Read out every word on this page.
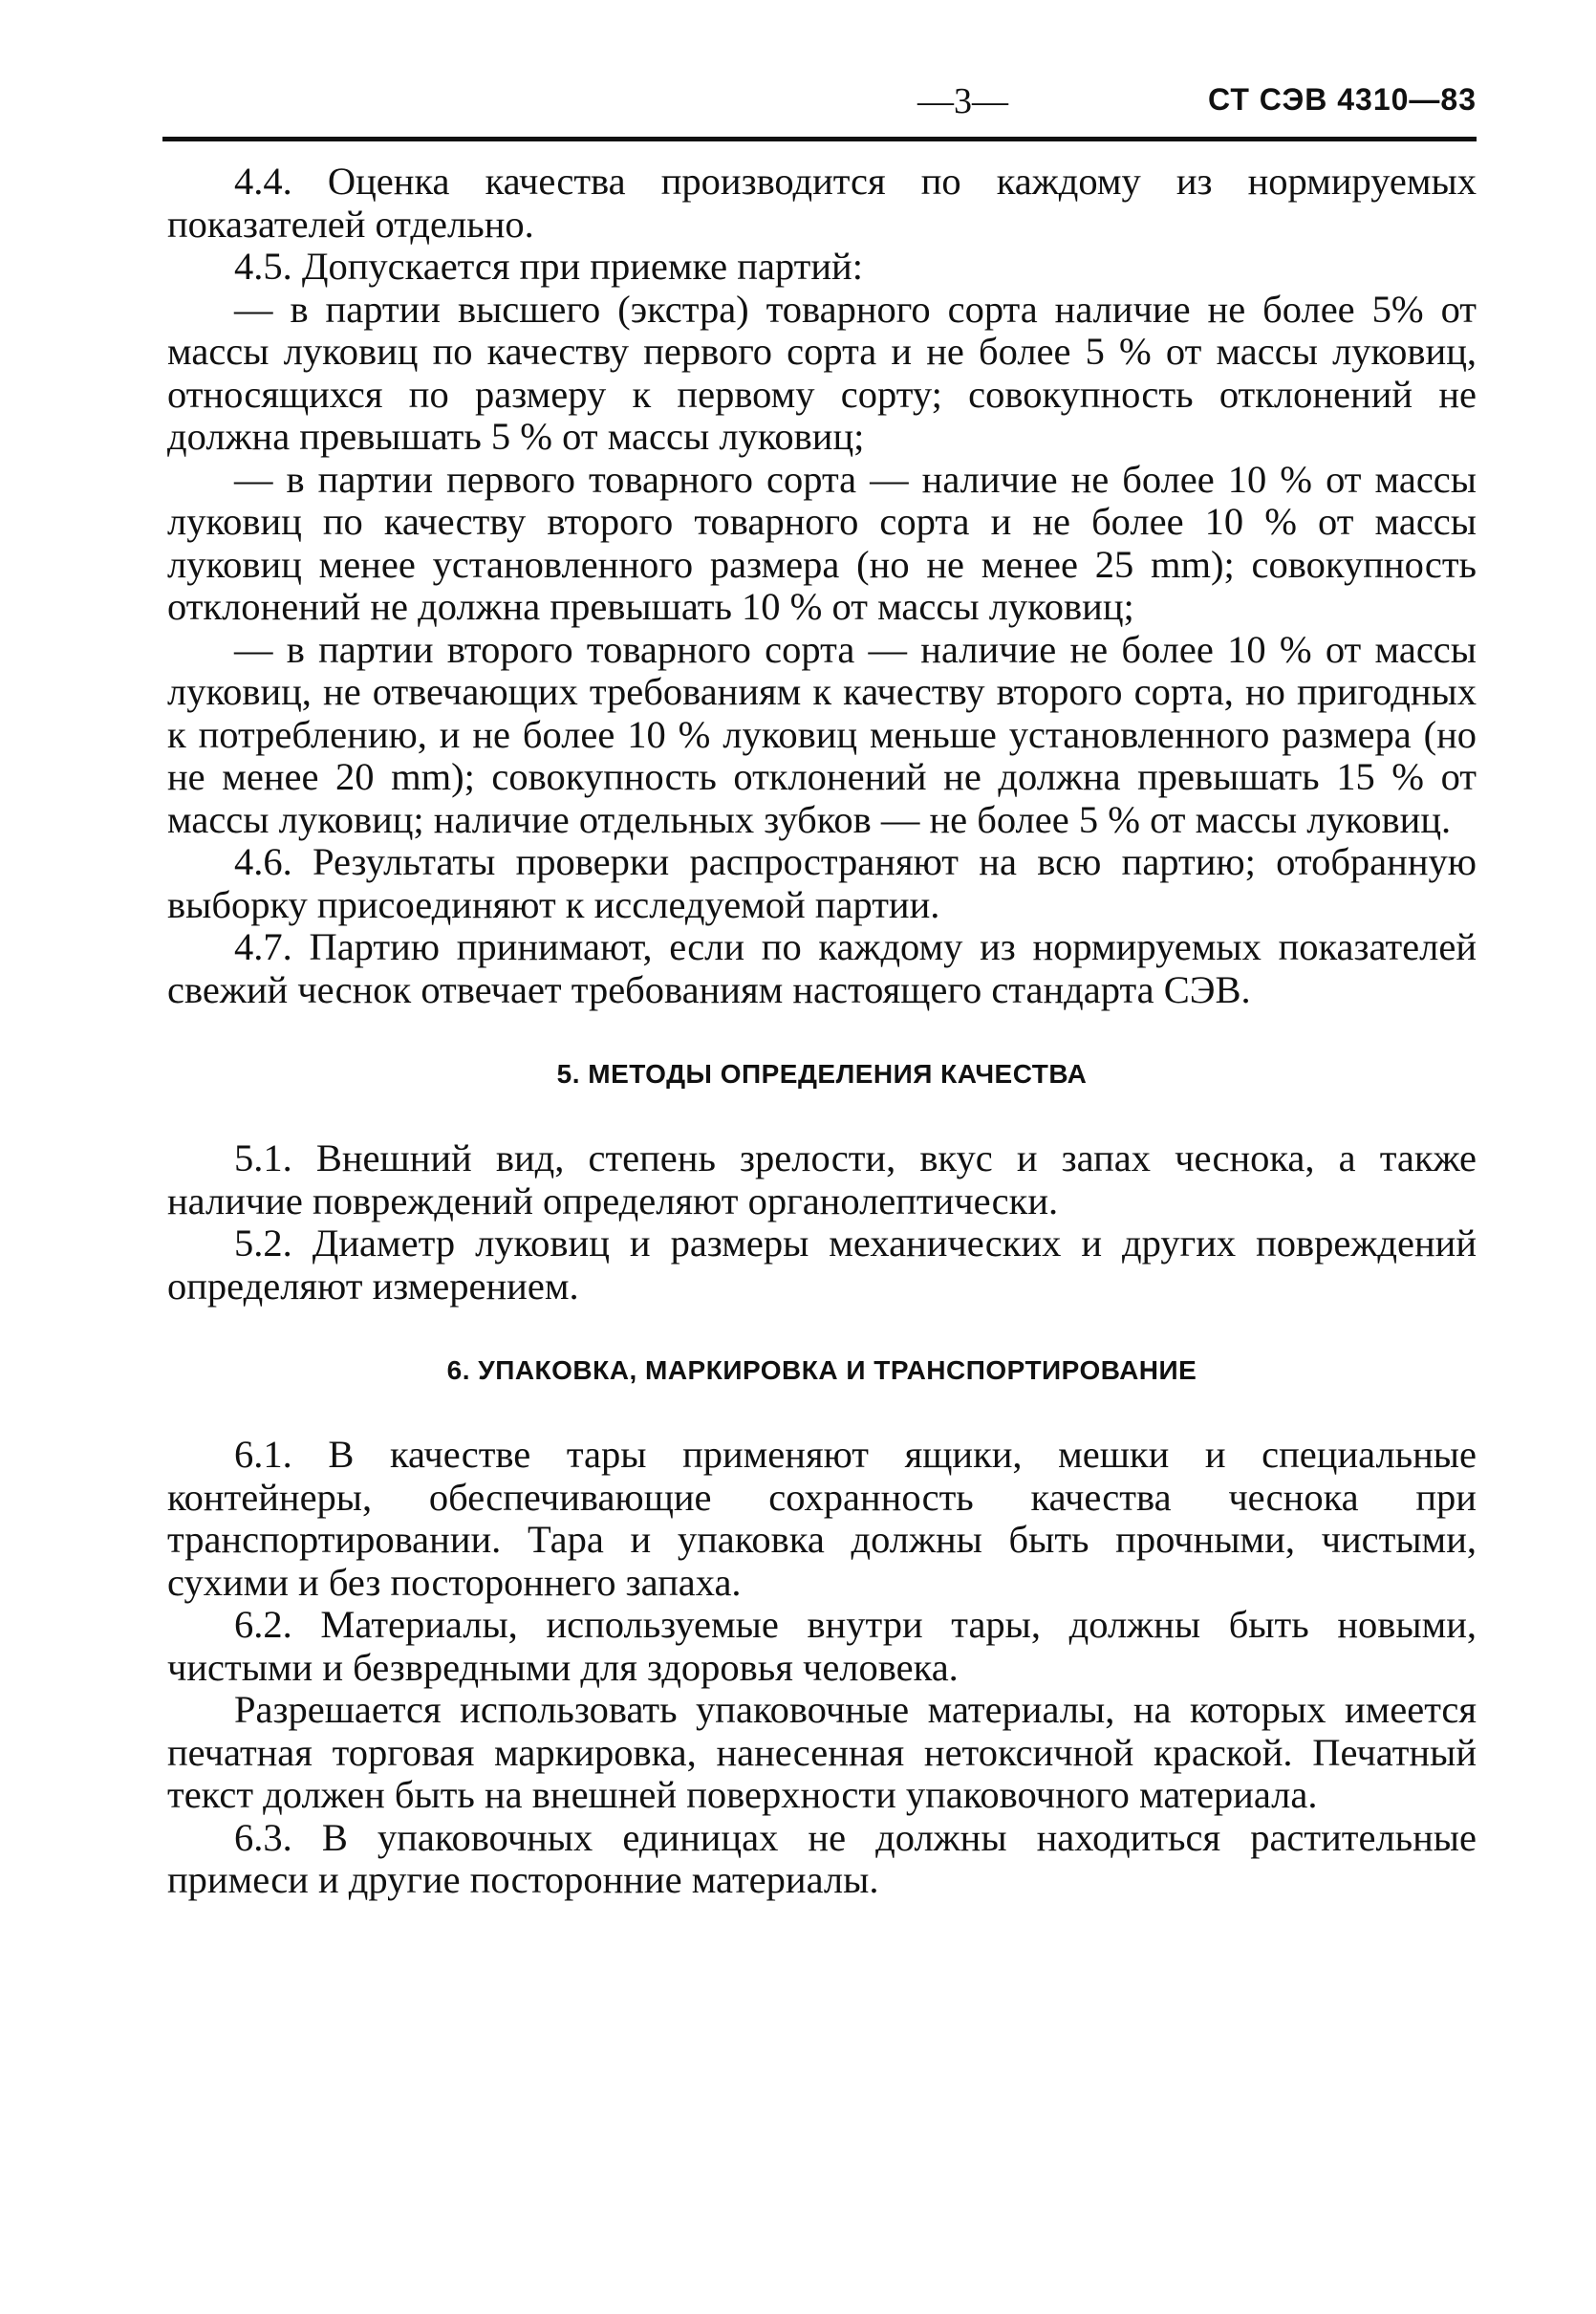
—3—	СТ СЭВ 4310—83

4.4. Оценка качества производится по каждому из нормируемых показателей отдельно.

4.5. Допускается при приемке партий:

— в партии высшего (экстра) товарного сорта наличие не более 5% от массы луковиц по качеству первого сорта и не более 5 % от массы луковиц, относящихся по размеру к первому сорту; совокупность отклонений не должна превышать 5 % от массы луковиц;

— в партии первого товарного сорта — наличие не более 10 % от массы луковиц по качеству второго товарного сорта и не более 10 % от массы луковиц менее установленного размера (но не менее 25 mm); совокупность отклонений не должна превышать 10 % от массы луковиц;

— в партии второго товарного сорта — наличие не более 10 % от массы луковиц, не отвечающих требованиям к качеству второго сорта, но пригодных к потреблению, и не более 10 % луковиц меньше установленного размера (но не менее 20 mm); совокупность отклонений не должна превышать 15 % от массы луковиц; наличие отдельных зубков — не более 5 % от массы луковиц.

4.6. Результаты проверки распространяют на всю партию; отобранную выборку присоединяют к исследуемой партии.

4.7. Партию принимают, если по каждому из нормируемых показателей свежий чеснок отвечает требованиям настоящего стандарта СЭВ.

5. МЕТОДЫ ОПРЕДЕЛЕНИЯ КАЧЕСТВА

5.1. Внешний вид, степень зрелости, вкус и запах чеснока, а также наличие повреждений определяют органолептически.

5.2. Диаметр луковиц и размеры механических и других повреждений определяют измерением.

6. УПАКОВКА, МАРКИРОВКА И ТРАНСПОРТИРОВАНИЕ

6.1. В качестве тары применяют ящики, мешки и специальные контейнеры, обеспечивающие сохранность качества чеснока при транспортировании. Тара и упаковка должны быть прочными, чистыми, сухими и без постороннего запаха.

6.2. Материалы, используемые внутри тары, должны быть новыми, чистыми и безвредными для здоровья человека.

Разрешается использовать упаковочные материалы, на которых имеется печатная торговая маркировка, нанесенная нетоксичной краской. Печатный текст должен быть на внешней поверхности упаковочного материала.

6.3. В упаковочных единицах не должны находиться растительные примеси и другие посторонние материалы.
